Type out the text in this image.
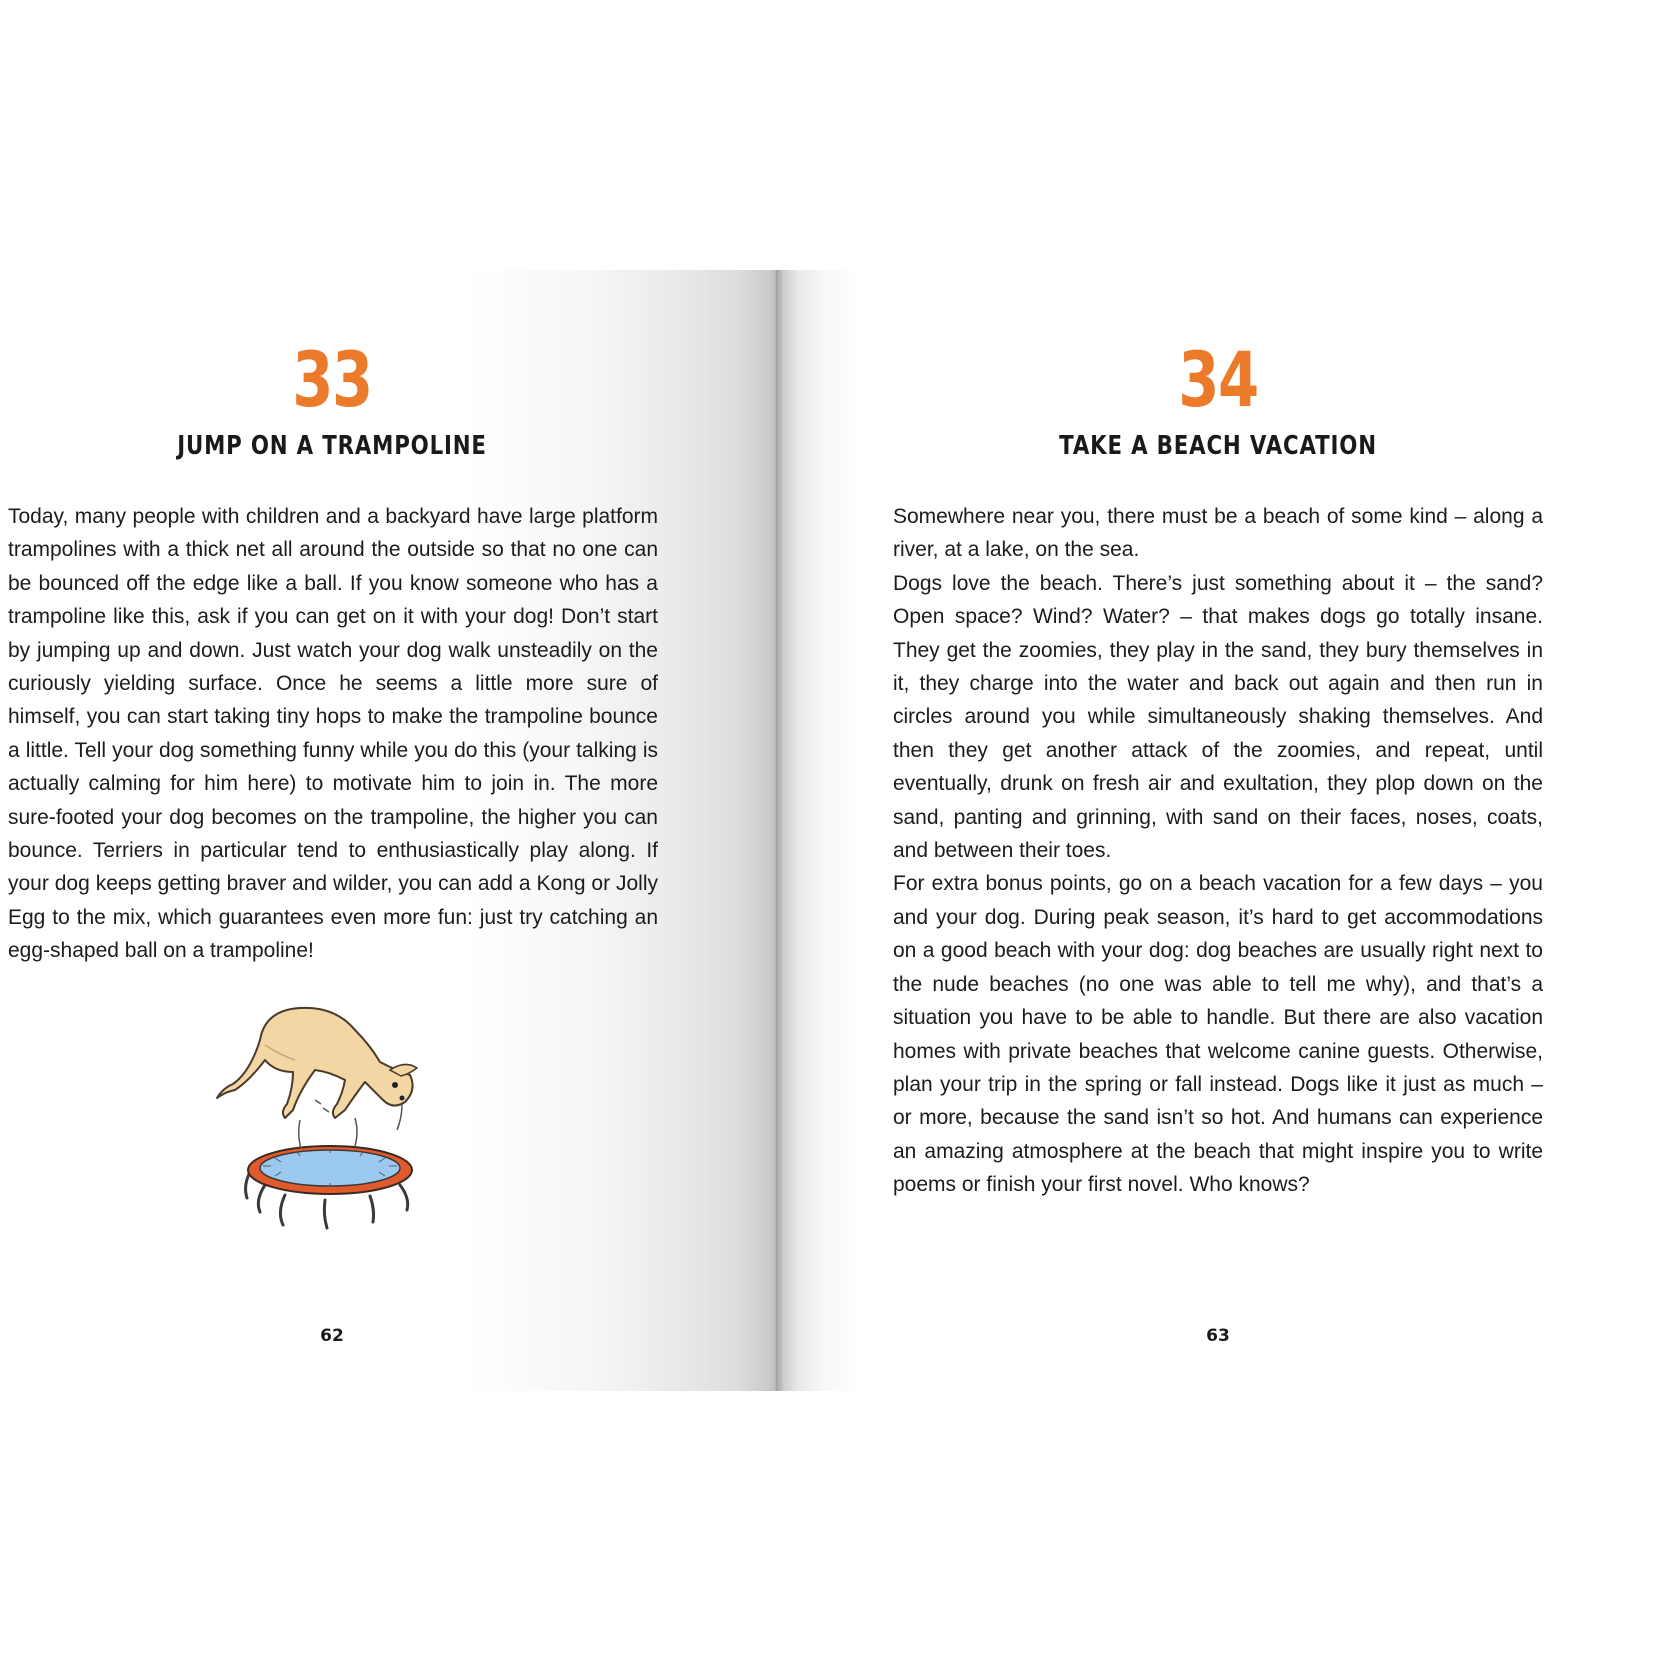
33
JUMP ON A TRAMPOLINE

Today, many people with children and a backyard have large platform trampolines with a thick net all around the outside so that no one can be bounced off the edge like a ball. If you know someone who has a trampoline like this, ask if you can get on it with your dog! Don’t start by jumping up and down. Just watch your dog walk unsteadily on the curiously yielding surface. Once he seems a little more sure of himself, you can start taking tiny hops to make the trampoline bounce a little. Tell your dog something funny while you do this (your talking is actually calming for him here) to motivate him to join in. The more sure-footed your dog becomes on the trampoline, the higher you can bounce. Terriers in particular tend to enthusiastically play along. If your dog keeps getting braver and wilder, you can add a Kong or Jolly Egg to the mix, which guarantees even more fun: just try catching an egg-shaped ball on a trampoline!

62
34
TAKE A BEACH VACATION

Somewhere near you, there must be a beach of some kind – along a river, at a lake, on the sea.

Dogs love the beach. There’s just something about it – the sand? Open space? Wind? Water? – that makes dogs go totally insane. They get the zoomies, they play in the sand, they bury themselves in it, they charge into the water and back out again and then run in circles around you while simultaneously shaking themselves. And then they get another attack of the zoomies, and repeat, until eventually, drunk on fresh air and exultation, they plop down on the sand, panting and grinning, with sand on their faces, noses, coats, and between their toes.

For extra bonus points, go on a beach vacation for a few days – you and your dog. During peak season, it’s hard to get accommodations on a good beach with your dog: dog beaches are usually right next to the nude beaches (no one was able to tell me why), and that’s a situation you have to be able to handle. But there are also vacation homes with private beaches that welcome canine guests. Otherwise, plan your trip in the spring or fall instead. Dogs like it just as much – or more, because the sand isn’t so hot. And humans can experience an amazing atmosphere at the beach that might inspire you to write poems or finish your first novel. Who knows?

63
